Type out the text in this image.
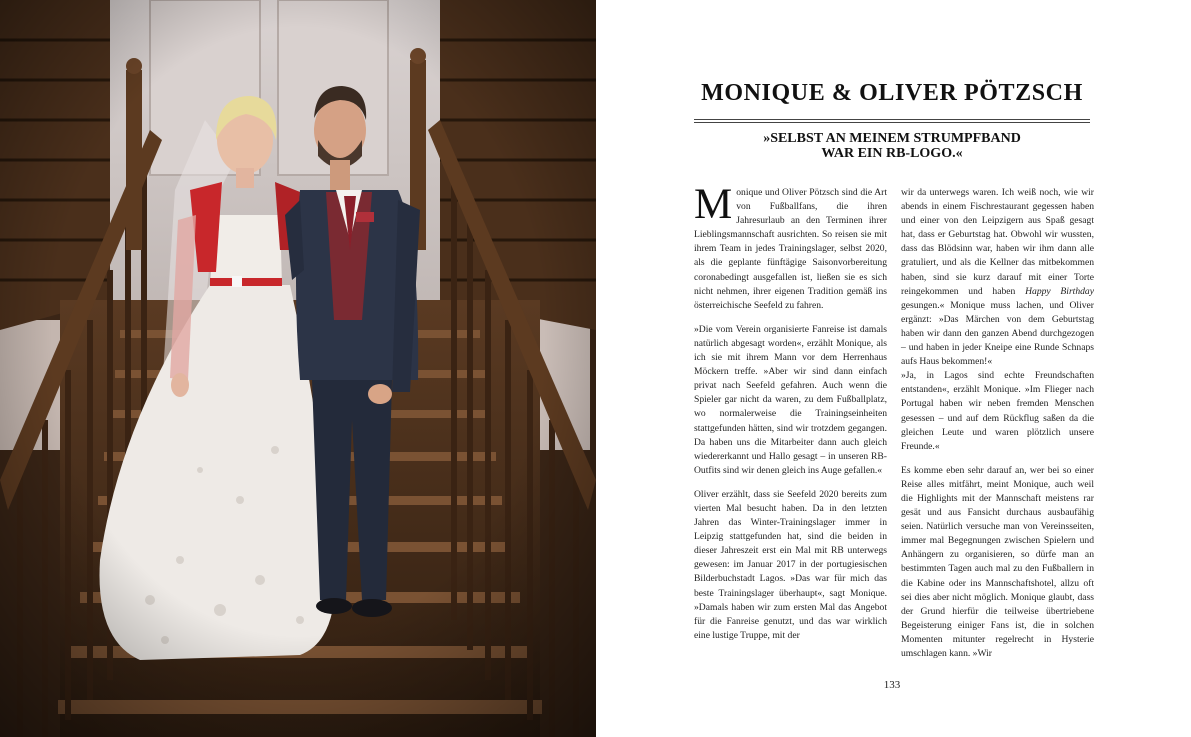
MONIQUE & OLIVER PÖTZSCH
»SELBST AN MEINEM STRUMPFBAND
WAR EIN RB-LOGO.«

Monique und Oliver Pötzsch sind die Art von Fußballfans, die ihren Jahresurlaub an den Terminen ihrer Lieblingsmannschaft ausrichten. So reisen sie mit ihrem Team in jedes Trainingslager, selbst 2020, als die geplante fünftägige Saisonvorbereitung coronabedingt ausgefallen ist, ließen sie es sich nicht nehmen, ihrer eigenen Tradition gemäß ins österreichische Seefeld zu fahren.

»Die vom Verein organisierte Fanreise ist damals natürlich abgesagt worden«, erzählt Monique, als ich sie mit ihrem Mann vor dem Herrenhaus Möckern treffe. »Aber wir sind dann einfach privat nach Seefeld gefahren. Auch wenn die Spieler gar nicht da waren, zu dem Fußballplatz, wo normalerweise die Trainingseinheiten stattgefunden hätten, sind wir trotzdem gegangen. Da haben uns die Mitarbeiter dann auch gleich wiedererkannt und Hallo gesagt – in unseren RB-Outfits sind wir denen gleich ins Auge gefallen.«

Oliver erzählt, dass sie Seefeld 2020 bereits zum vierten Mal besucht haben. Da in den letzten Jahren das Winter-Trainingslager immer in Leipzig stattgefunden hat, sind die beiden in dieser Jahreszeit erst ein Mal mit RB unterwegs gewesen: im Januar 2017 in der portugiesischen Bilderbuchstadt Lagos. »Das war für mich das beste Trainingslager überhaupt«, sagt Monique. »Damals haben wir zum ersten Mal das Angebot für die Fanreise genutzt, und das war wirklich eine lustige Truppe, mit der

wir da unterwegs waren. Ich weiß noch, wie wir abends in einem Fischrestaurant gegessen haben und einer von den Leipzigern aus Spaß gesagt hat, dass er Geburtstag hat. Obwohl wir wussten, dass das Blödsinn war, haben wir ihm dann alle gratuliert, und als die Kellner das mitbekommen haben, sind sie kurz darauf mit einer Torte reingekommen und haben Happy Birthday gesungen.« Monique muss lachen, und Oliver ergänzt: »Das Märchen von dem Geburtstag haben wir dann den ganzen Abend durchgezogen – und haben in jeder Kneipe eine Runde Schnaps aufs Haus bekommen!«

»Ja, in Lagos sind echte Freundschaften entstanden«, erzählt Monique. »Im Flieger nach Portugal haben wir neben fremden Menschen gesessen – und auf dem Rückflug saßen da die gleichen Leute und waren plötzlich unsere Freunde.«

Es komme eben sehr darauf an, wer bei so einer Reise alles mitfährt, meint Monique, auch weil die Highlights mit der Mannschaft meistens rar gesät und aus Fansicht durchaus ausbaufähig seien. Natürlich versuche man von Vereinsseiten, immer mal Begegnungen zwischen Spielern und Anhängern zu organisieren, so dürfe man an bestimmten Tagen auch mal zu den Fußballern in die Kabine oder ins Mannschaftshotel, allzu oft sei dies aber nicht möglich. Monique glaubt, dass der Grund hierfür die teilweise übertriebene Begeisterung einiger Fans ist, die in solchen Momenten mitunter regelrecht in Hysterie umschlagen kann. »Wir

133
